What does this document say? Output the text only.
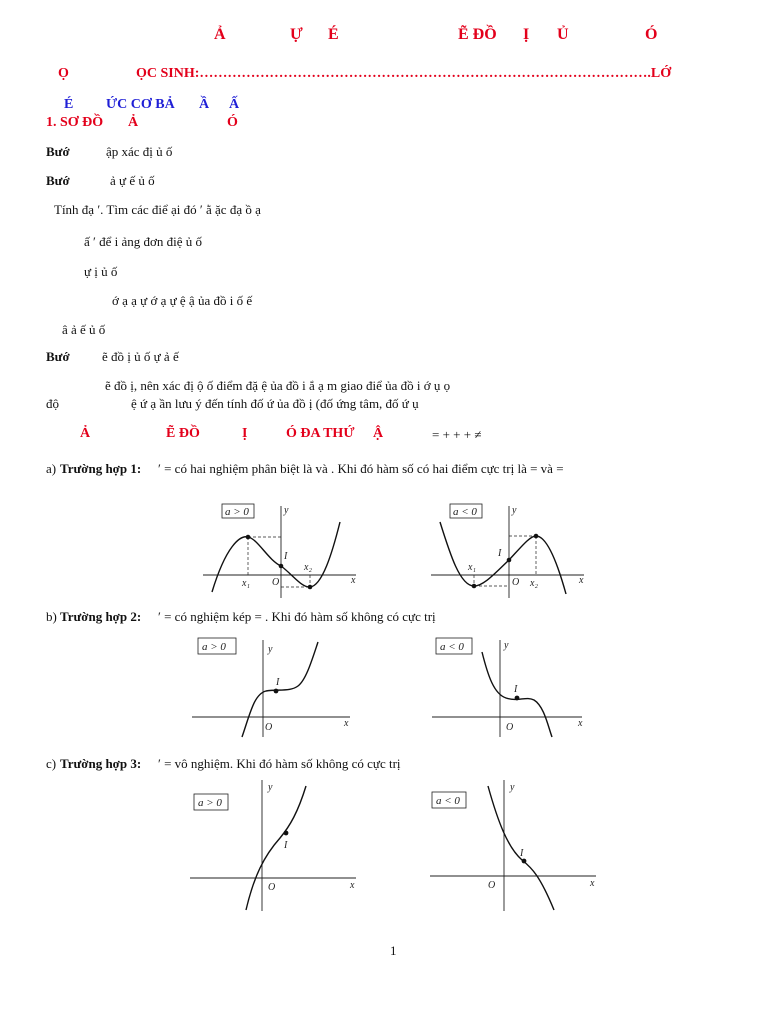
Ả	Ự É	Ẽ ĐỒ Ị Ủ	Ó
Ọ	ỌC SINH:…………………………………………………………………………………….LỚ
É ỨC CƠ BẢ Ầ Ấ
1. SƠ ĐỒ Ả	Ó
Bướ	ập xác đị ủ ố
Bướ	ả ự ế ủ ố
Tính đạ ′. Tìm các điể ại đó ′ ằ ặc đạ ồ ạ
ấ ′ để i ảng đơn điệ ủ ố
ự ị ủ ố
ớ ạ ạ ự ớ ạ ự ệ ậ ủa đồ i ố ế
â ả ế ủ ố
Bướ ẽ đồ ị ủ ố ự ả ế
ẽ đồ ị, nên xác đị ộ ố điểm đặ ệ ủa đồ i ắ ạ m giao điể ủa đồ i ớ ụ ọ
độ	ệ ứ ạ ần lưu ý đến tính đố ứ ủa đồ ị (đố ứng tâm, đố ứ ụ
Ả	Ẽ ĐỒ	Ị	Ó ĐA THỨ Ậ	= + + + ≠
a) Trường hợp 1: ′ = có hai nghiệm phân biệt là và . Khi đó hàm số có hai điểm cực trị là = và =
a > 0	y
x
O
I
x₁
x₂
a < 0	y
x
O
I
x₁
x₂
b) Trường hợp 2: ′ = có nghiệm kép = . Khi đó hàm số không có cực trị
a > 0	y
x
O
I
a < 0	y
x
O
I
c) Trường hợp 3: ′ = vô nghiệm. Khi đó hàm số không có cực trị
a > 0
y
x
O
I
a < 0
y
x
O
I
1
